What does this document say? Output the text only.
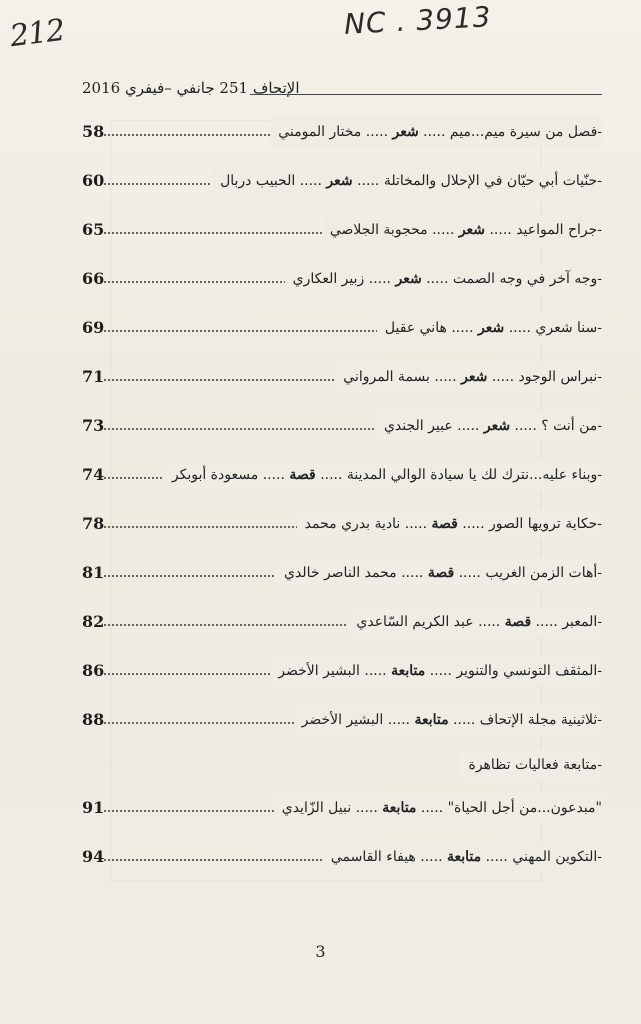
212	NC . 3913
الإتحاف 251 جانفي –فيفري 2016
58	-فصل من سيرة ميم...ميم ..... شعر ..... مختار المومني
60	-حنّيات أبي حيّان في الإحلال والمخاتلة ..... شعر ..... الحبيب دربال
65	-جراح المواعيد ..... شعر ..... محجوبة الجلاصي
66	-وجه آخر في وجه الصمت ..... شعر ..... زبير العكاري
69	-سنا شعري ..... شعر ..... هاني عقيل
71	-نبراس الوجود ..... شعر ..... بسمة المرواني
73	-من أنت ؟ ..... شعر ..... عبير الجندي
74	-وبناء عليه...نترك لك يا سيادة الوالي المدينة ..... قصة ..... مسعودة أبوبكر
78	-حكاية ترويها الصور ..... قصة ..... نادية بدري محمد
81	-أهات الزمن الغريب ..... قصة ..... محمد الناصر خالدي
82	-المعبر ..... قصة ..... عبد الكريم السّاعدي
86	-المثقف التونسي والتنوير ..... متابعة ..... البشير الأخضر
88	-ثلاثينية مجلة الإتحاف ..... متابعة ..... البشير الأخضر
-متابعة فعاليات تظاهرة
91	"مبدعون...من أجل الحياة" ..... متابعة ..... نبيل الزّايدي
94	-التكوين المهني ..... متابعة ..... هيفاء القاسمي
3
